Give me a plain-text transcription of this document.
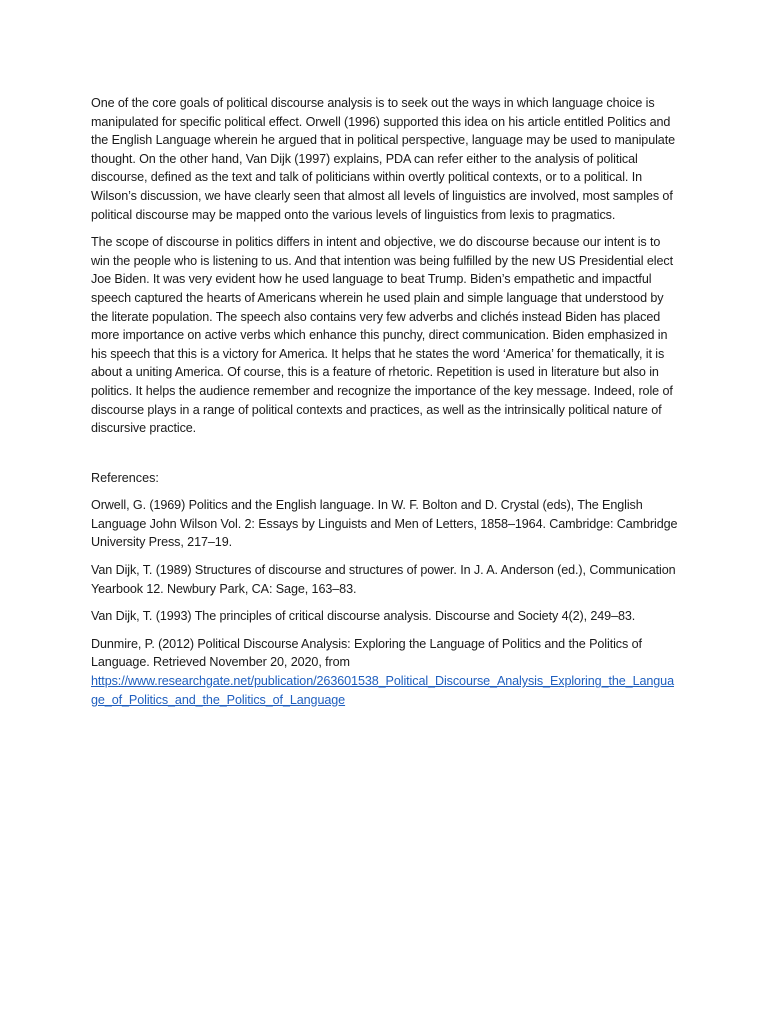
One of the core goals of political discourse analysis is to seek out the ways in which language choice is manipulated for specific political effect. Orwell (1996) supported this idea on his article entitled Politics and the English Language wherein he argued that in political perspective, language may be used to manipulate thought. On the other hand, Van Dijk (1997) explains, PDA can refer either to the analysis of political discourse, defined as the text and talk of politicians within overtly political contexts, or to a political. In Wilson’s discussion, we have clearly seen that almost all levels of linguistics are involved, most samples of political discourse may be mapped onto the various levels of linguistics from lexis to pragmatics.

The scope of discourse in politics differs in intent and objective, we do discourse because our intent is to win the people who is listening to us. And that intention was being fulfilled by the new US Presidential elect Joe Biden. It was very evident how he used language to beat Trump. Biden’s empathetic and impactful speech captured the hearts of Americans wherein he used plain and simple language that understood by the literate population. The speech also contains very few adverbs and clichés instead Biden has placed more importance on active verbs which enhance this punchy, direct communication. Biden emphasized in his speech that this is a victory for America. It helps that he states the word ‘America’ for thematically, it is about a uniting America. Of course, this is a feature of rhetoric. Repetition is used in literature but also in politics. It helps the audience remember and recognize the importance of the key message. Indeed, role of discourse plays in a range of political contexts and practices, as well as the intrinsically political nature of discursive practice.

References:

Orwell, G. (1969) Politics and the English language. In W. F. Bolton and D. Crystal (eds), The English Language John Wilson Vol. 2: Essays by Linguists and Men of Letters, 1858–1964. Cambridge: Cambridge University Press, 217–19.

Van Dijk, T. (1989) Structures of discourse and structures of power. In J. A. Anderson (ed.), Communication Yearbook 12. Newbury Park, CA: Sage, 163–83.

Van Dijk, T. (1993) The principles of critical discourse analysis. Discourse and Society 4(2), 249–83.

Dunmire, P. (2012) Political Discourse Analysis: Exploring the Language of Politics and the Politics of Language. Retrieved November 20, 2020, from
https://www.researchgate.net/publication/263601538_Political_Discourse_Analysis_Exploring_the_Language_of_Politics_and_the_Politics_of_Language
